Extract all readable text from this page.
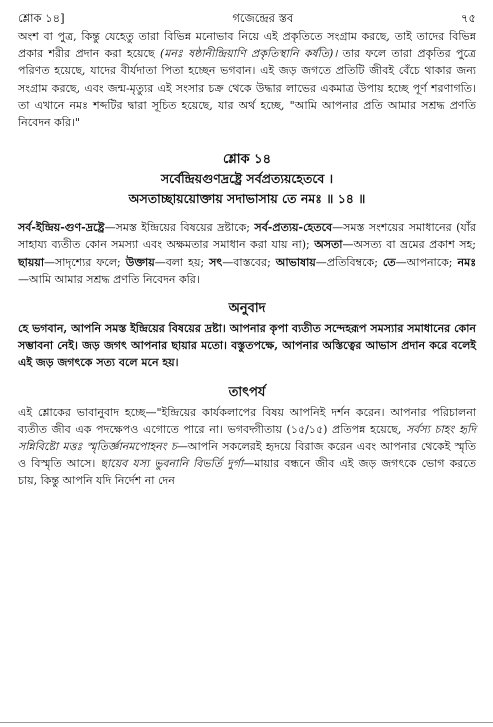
শ্লোক ১৪]	গজেন্দ্রের স্তব	৭৫

অংশ বা পুত্র, কিন্তু যেহেতু তারা বিভিন্ন মনোভাব নিয়ে এই প্রকৃতিতে সংগ্রাম করছে, তাই তাদের বিভিন্ন প্রকার শরীর প্রদান করা হয়েছে (মনঃ ষষ্ঠানীন্দ্রিয়াণি প্রকৃতিস্থানি কর্ষতি)। তার ফলে তারা প্রকৃতির পুত্রে পরিণত হয়েছে, যাদের বীর্যদাতা পিতা হচ্ছেন ভগবান। এই জড় জগতে প্রতিটি জীবই বেঁচে থাকার জন্য সংগ্রাম করছে, এবং জন্ম-মৃত্যুর এই সংসার চক্র থেকে উদ্ধার লাভের একমাত্র উপায় হচ্ছে পূর্ণ শরণাগতি। তা এখানে নমঃ শব্দটির দ্বারা সূচিত হয়েছে, যার অর্থ হচ্ছে, "আমি আপনার প্রতি আমার সশ্রদ্ধ প্রণতি নিবেদন করি।"

শ্লোক ১৪

সর্বেন্দ্রিয়গুণদ্রষ্ট্রে সর্বপ্রত্যয়হেতবে ।

অসতাচ্ছায়য়োক্তায় সদাভাসায় তে নমঃ ॥ ১৪ ॥

সর্ব-ইন্দ্রিয়-গুণ-দ্রষ্ট্রে—সমস্ত ইন্দ্রিয়ের বিষয়ের দ্রষ্টাকে; সর্ব-প্রত্যয়-হেতবে—সমস্ত সংশয়ের সমাধানের (যাঁর সাহায্য ব্যতীত কোন সমস্যা এবং অক্ষমতার সমাধান করা যায় না); অসতা—অসত্য বা ভ্রমের প্রকাশ সহ; ছায়য়া—সাদৃশ্যের ফলে; উক্তায়—বলা হয়; সৎ—বাস্তবের; আভাষায়—প্রতিবিম্বকে; তে—আপনাকে; নমঃ—আমি আমার সশ্রদ্ধ প্রণতি নিবেদন করি।

অনুবাদ

হে ভগবান, আপনি সমস্ত ইন্দ্রিয়ের বিষয়ের দ্রষ্টা। আপনার কৃপা ব্যতীত সন্দেহরূপ সমস্যার সমাধানের কোন সম্ভাবনা নেই। জড় জগৎ আপনার ছায়ার মতো। বস্তুতপক্ষে, আপনার অস্তিত্বের আভাস প্রদান করে বলেই এই জড় জগৎকে সত্য বলে মনে হয়।

তাৎপর্য

এই শ্লোকের ভাবানুবাদ হচ্ছে—"ইন্দ্রিয়ের কার্যকলাপের বিষয় আপনিই দর্শন করেন। আপনার পরিচালনা ব্যতীত জীব এক পদক্ষেপও এগোতে পারে না। ভগবদ্গীতায় (১৫/১৫) প্রতিপন্ন হয়েছে, সর্বস্য চাহং হৃদি সন্নিবিষ্টো মত্তঃ স্মৃতির্জ্ঞানমপোহনং চ—আপনি সকলেরই হৃদয়ে বিরাজ করেন এবং আপনার থেকেই স্মৃতি ও বিস্মৃতি আসে। ছায়েব যস্য ভুবনানি বিভর্তি দুর্গা—মায়ার বন্ধনে জীব এই জড় জগৎকে ভোগ করতে চায়, কিন্তু আপনি যদি নির্দেশ না দেন
